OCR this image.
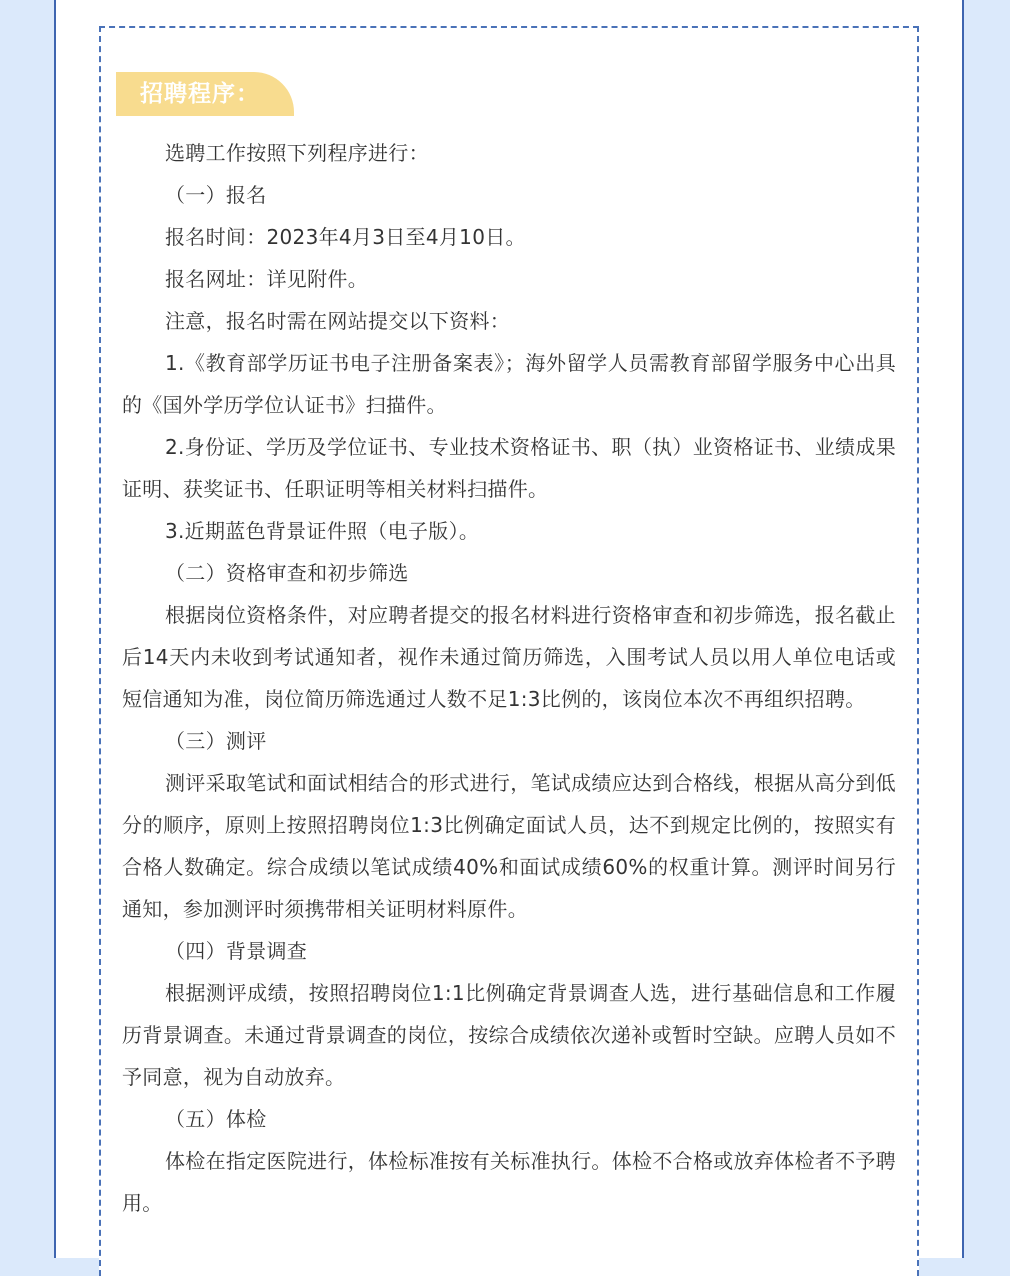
招聘程序：

选聘工作按照下列程序进行：

（一）报名

报名时间：2023年4月3日至4月10日。

报名网址：详见附件。

注意，报名时需在网站提交以下资料：

1.《教育部学历证书电子注册备案表》；海外留学人员需教育部留学服务中心出具的《国外学历学位认证书》扫描件。

2.身份证、学历及学位证书、专业技术资格证书、职（执）业资格证书、业绩成果证明、获奖证书、任职证明等相关材料扫描件。

3.近期蓝色背景证件照（电子版）。

（二）资格审查和初步筛选

根据岗位资格条件，对应聘者提交的报名材料进行资格审查和初步筛选，报名截止后14天内未收到考试通知者，视作未通过简历筛选，入围考试人员以用人单位电话或短信通知为准，岗位简历筛选通过人数不足1:3比例的，该岗位本次不再组织招聘。

（三）测评

测评采取笔试和面试相结合的形式进行，笔试成绩应达到合格线，根据从高分到低分的顺序，原则上按照招聘岗位1:3比例确定面试人员，达不到规定比例的，按照实有合格人数确定。综合成绩以笔试成绩40%和面试成绩60%的权重计算。测评时间另行通知，参加测评时须携带相关证明材料原件。

（四）背景调查

根据测评成绩，按照招聘岗位1:1比例确定背景调查人选，进行基础信息和工作履历背景调查。未通过背景调查的岗位，按综合成绩依次递补或暂时空缺。应聘人员如不予同意，视为自动放弃。

（五）体检

体检在指定医院进行，体检标准按有关标准执行。体检不合格或放弃体检者不予聘用。
